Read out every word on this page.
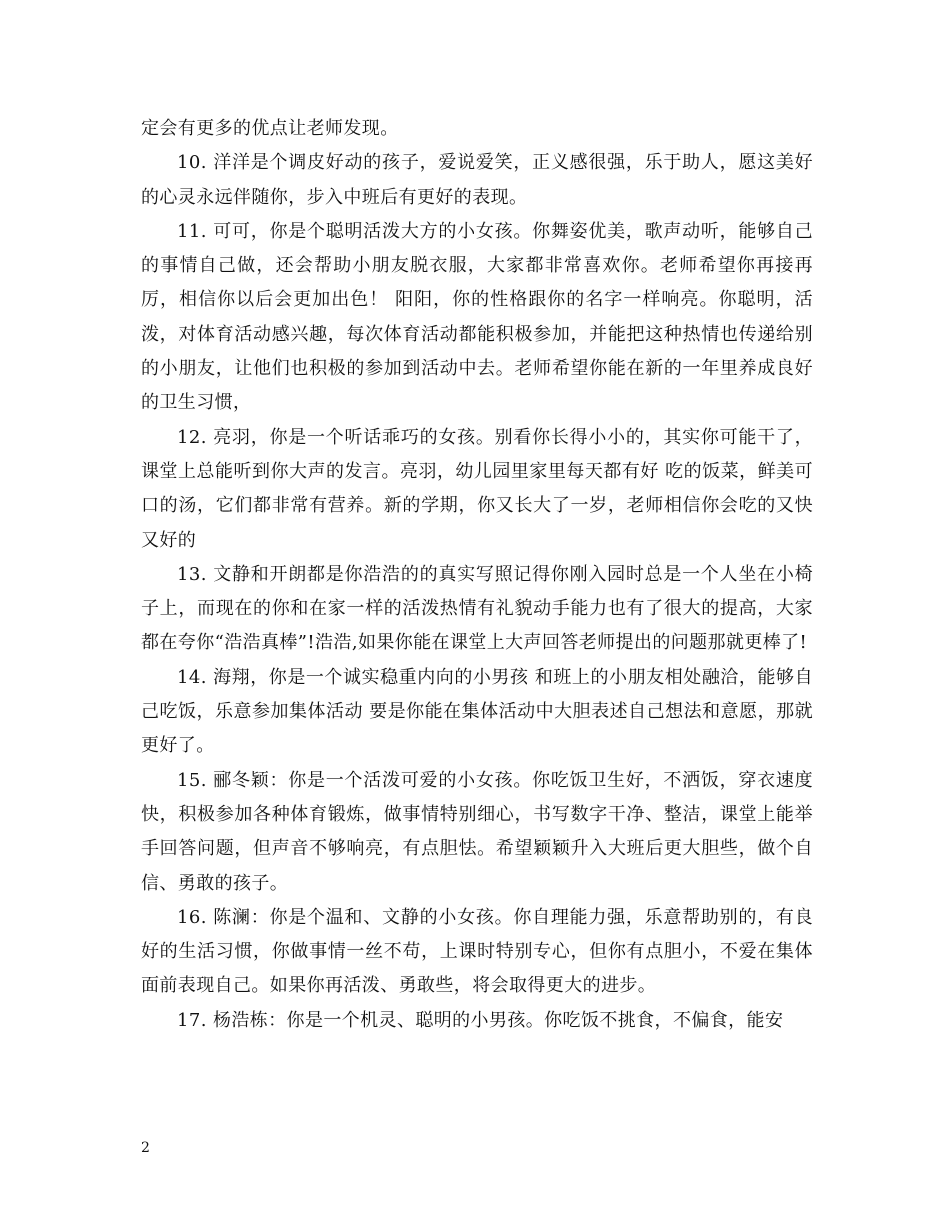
定会有更多的优点让老师发现。

10. 洋洋是个调皮好动的孩子，爱说爱笑，正义感很强，乐于助人，愿这美好的心灵永远伴随你，步入中班后有更好的表现。

11. 可可，你是个聪明活泼大方的小女孩。你舞姿优美，歌声动听，能够自己的事情自己做，还会帮助小朋友脱衣服，大家都非常喜欢你。老师希望你再接再厉，相信你以后会更加出色！ 阳阳，你的性格跟你的名字一样响亮。你聪明，活泼，对体育活动感兴趣，每次体育活动都能积极参加，并能把这种热情也传递给别的小朋友，让他们也积极的参加到活动中去。老师希望你能在新的一年里养成良好的卫生习惯，

12. 亮羽，你是一个听话乖巧的女孩。别看你长得小小的，其实你可能干了，课堂上总能听到你大声的发言。亮羽，幼儿园里家里每天都有好 吃的饭菜，鲜美可口的汤，它们都非常有营养。新的学期，你又长大了一岁，老师相信你会吃的又快又好的

13. 文静和开朗都是你浩浩的的真实写照记得你刚入园时总是一个人坐在小椅子上，而现在的你和在家一样的活泼热情有礼貌动手能力也有了很大的提高，大家都在夸你“浩浩真棒”!浩浩,如果你能在课堂上大声回答老师提出的问题那就更棒了!

14. 海翔，你是一个诚实稳重内向的小男孩 和班上的小朋友相处融洽，能够自己吃饭，乐意参加集体活动 要是你能在集体活动中大胆表述自己想法和意愿，那就更好了。

15. 郦冬颖：你是一个活泼可爱的小女孩。你吃饭卫生好，不洒饭，穿衣速度快，积极参加各种体育锻炼，做事情特别细心，书写数字干净、整洁，课堂上能举手回答问题，但声音不够响亮，有点胆怯。希望颖颖升入大班后更大胆些，做个自信、勇敢的孩子。

16. 陈澜：你是个温和、文静的小女孩。你自理能力强，乐意帮助别的，有良好的生活习惯，你做事情一丝不苟，上课时特别专心，但你有点胆小，不爱在集体面前表现自己。如果你再活泼、勇敢些，将会取得更大的进步。

17. 杨浩栋：你是一个机灵、聪明的小男孩。你吃饭不挑食，不偏食，能安

2
